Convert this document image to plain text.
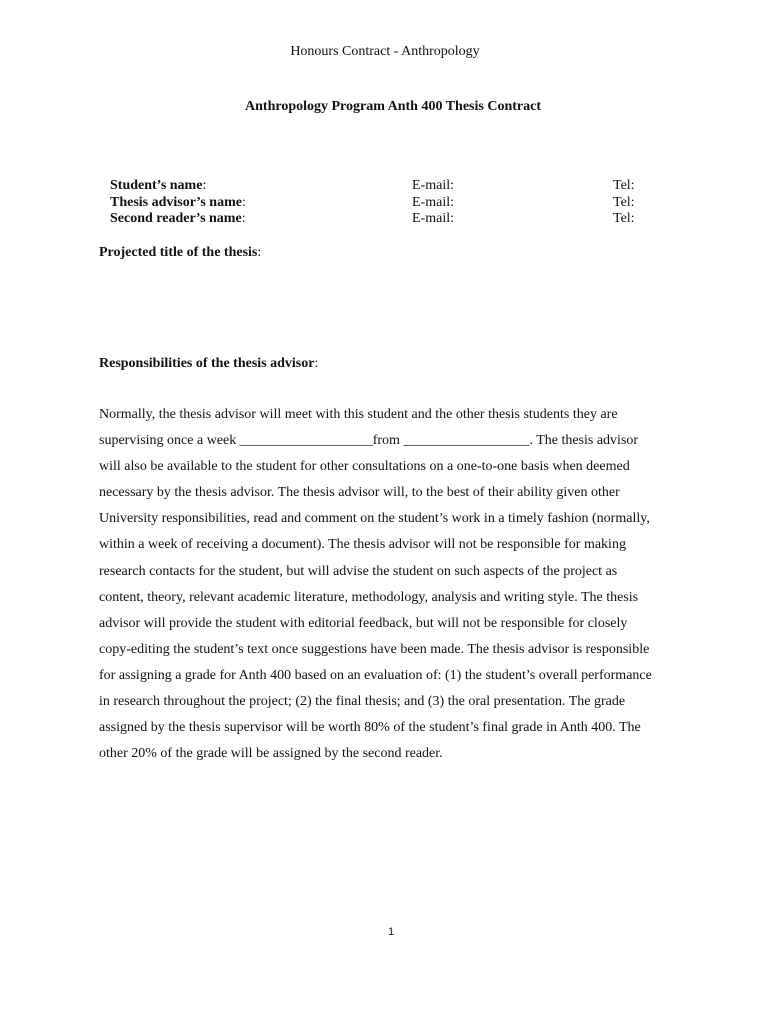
Honours Contract - Anthropology
Anthropology Program Anth 400 Thesis Contract
Student’s name:	E-mail:	Tel:
Thesis advisor’s name:	E-mail:	Tel:
Second reader’s name:	E-mail:	Tel:
Projected title of the thesis:
Responsibilities of the thesis advisor:
Normally, the thesis advisor will meet with this student and the other thesis students they are
supervising once a week ___________________from __________________. The thesis advisor
will also be available to the student for other consultations on a one-to-one basis when deemed
necessary by the thesis advisor. The thesis advisor will, to the best of their ability given other
University responsibilities, read and comment on the student’s work in a timely fashion (normally,
within a week of receiving a document). The thesis advisor will not be responsible for making
research contacts for the student, but will advise the student on such aspects of the project as
content, theory, relevant academic literature, methodology, analysis and writing style. The thesis
advisor will provide the student with editorial feedback, but will not be responsible for closely
copy-editing the student’s text once suggestions have been made. The thesis advisor is responsible
for assigning a grade for Anth 400 based on an evaluation of: (1) the student’s overall performance
in research throughout the project; (2) the final thesis; and (3) the oral presentation. The grade
assigned by the thesis supervisor will be worth 80% of the student’s final grade in Anth 400. The
other 20% of the grade will be assigned by the second reader.
1
